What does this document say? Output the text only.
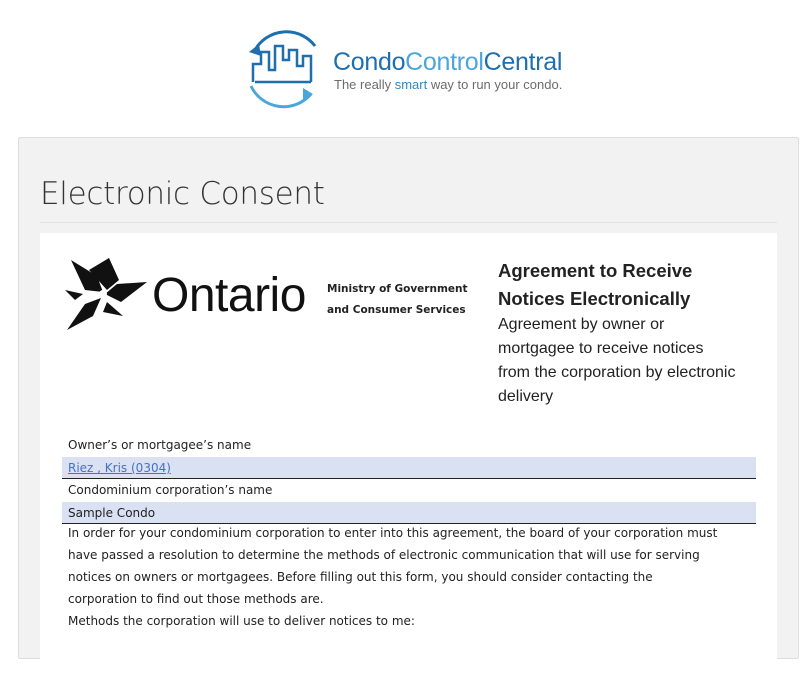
CondoControlCentral
The really smart way to run your condo.
Electronic Consent
Ontario Ministry of Government
and Consumer Services
Agreement to Receive
Notices Electronically
Agreement by owner or
mortgagee to receive notices
from the corporation by electronic
delivery
Owner’s or mortgagee’s name
Riez , Kris (0304)
Condominium corporation’s name
Sample Condo
In order for your condominium corporation to enter into this agreement, the board of your corporation must
have passed a resolution to determine the methods of electronic communication that will use for serving
notices on owners or mortgagees. Before filling out this form, you should consider contacting the
corporation to find out those methods are.
Methods the corporation will use to deliver notices to me:
